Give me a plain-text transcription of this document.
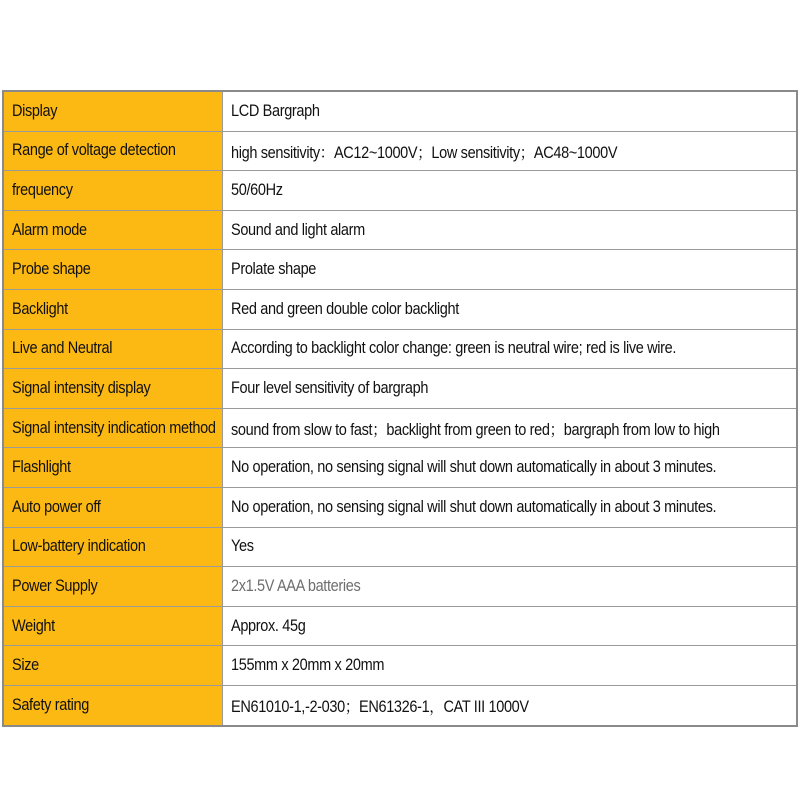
Display	LCD Bargraph
Range of voltage detection	high sensitivity：AC12~1000V；Low sensitivity；AC48~1000V
frequency	50/60Hz
Alarm mode	Sound and light alarm
Probe shape	Prolate shape
Backlight	Red and green double color backlight
Live and Neutral	According to backlight color change: green is neutral wire; red is live wire.
Signal intensity display	Four level sensitivity of bargraph
Signal intensity indication method	sound from slow to fast；backlight from green to red；bargraph from low to high
Flashlight	No operation, no sensing signal will shut down automatically in about 3 minutes.
Auto power off	No operation, no sensing signal will shut down automatically in about 3 minutes.
Low-battery indication	Yes
Power Supply	2x1.5V AAA batteries
Weight	Approx. 45g
Size	155mm x 20mm x 20mm
Safety rating	EN61010-1,-2-030；EN61326-1，CAT III 1000V
